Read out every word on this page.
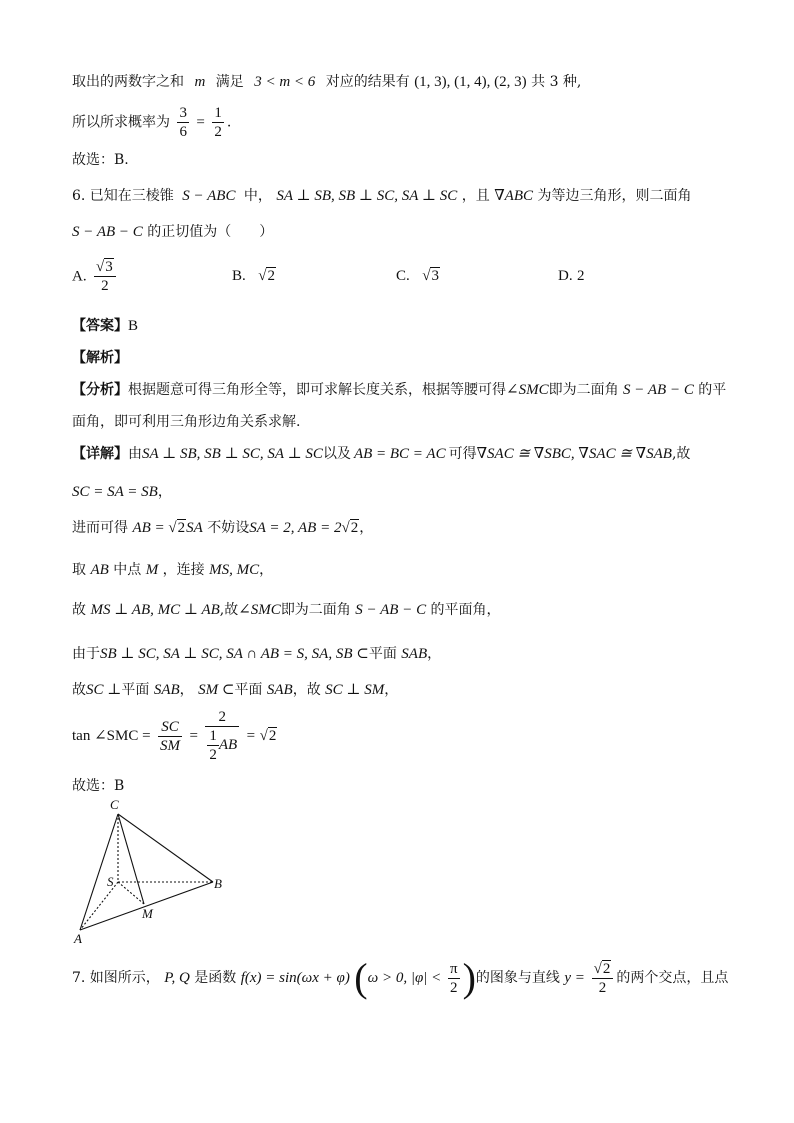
取出的两数字之和 m 满足 3 < m < 6 对应的结果有 (1, 3), (1, 4), (2, 3) 共 3 种,
所以所求概率为 $\frac{3}{6} = \frac{1}{2}$ .
故选：B.
6. 已知在三棱锥 S − ABC 中， SA ⊥ SB, SB ⊥ SC, SA ⊥ SC ，且 ∇ABC 为等边三角形，则二面角
S − AB − C 的正切值为（　　）
A. $\frac{√3}{2}$	B. √2	C. √3	D. 2
【答案】B
【解析】
【分析】根据题意可得三角形全等，即可求解长度关系，根据等腰可得∠SMC即为二面角 S − AB − C 的平
面角，即可利用三角形边角关系求解.
【详解】由SA ⊥ SB, SB ⊥ SC, SA ⊥ SC以及 AB = BC = AC 可得∇SAC ≅ ∇SBC, ∇SAC ≅ ∇SAB,故
SC = SA = SB，
进而可得 AB = √2SA 不妨设SA = 2, AB = 2√2，
取 AB 中点 M ，连接 MS, MC，
故 MS ⊥ AB, MC ⊥ AB,故∠SMC即为二面角 S − AB − C 的平面角，
由于SB ⊥ SC, SA ⊥ SC, SA ∩ AB = S, SA, SB ⊂平面 SAB，
故SC ⊥平面 SAB， SM ⊂平面 SAB，故 SC ⊥ SM，
tan ∠SMC = $\frac{SC}{SM} = \frac{2}{\frac{1}{2} AB} = √2$
故选：B
C
S	B
M
A
7. 如图所示， P, Q 是函数 f(x) = sin(ωx + φ) (ω > 0, $|\varphi| < \frac{\pi}{2}$ )的图象与直线 $y = \frac{√2}{2}$ 的两个交点，且点
